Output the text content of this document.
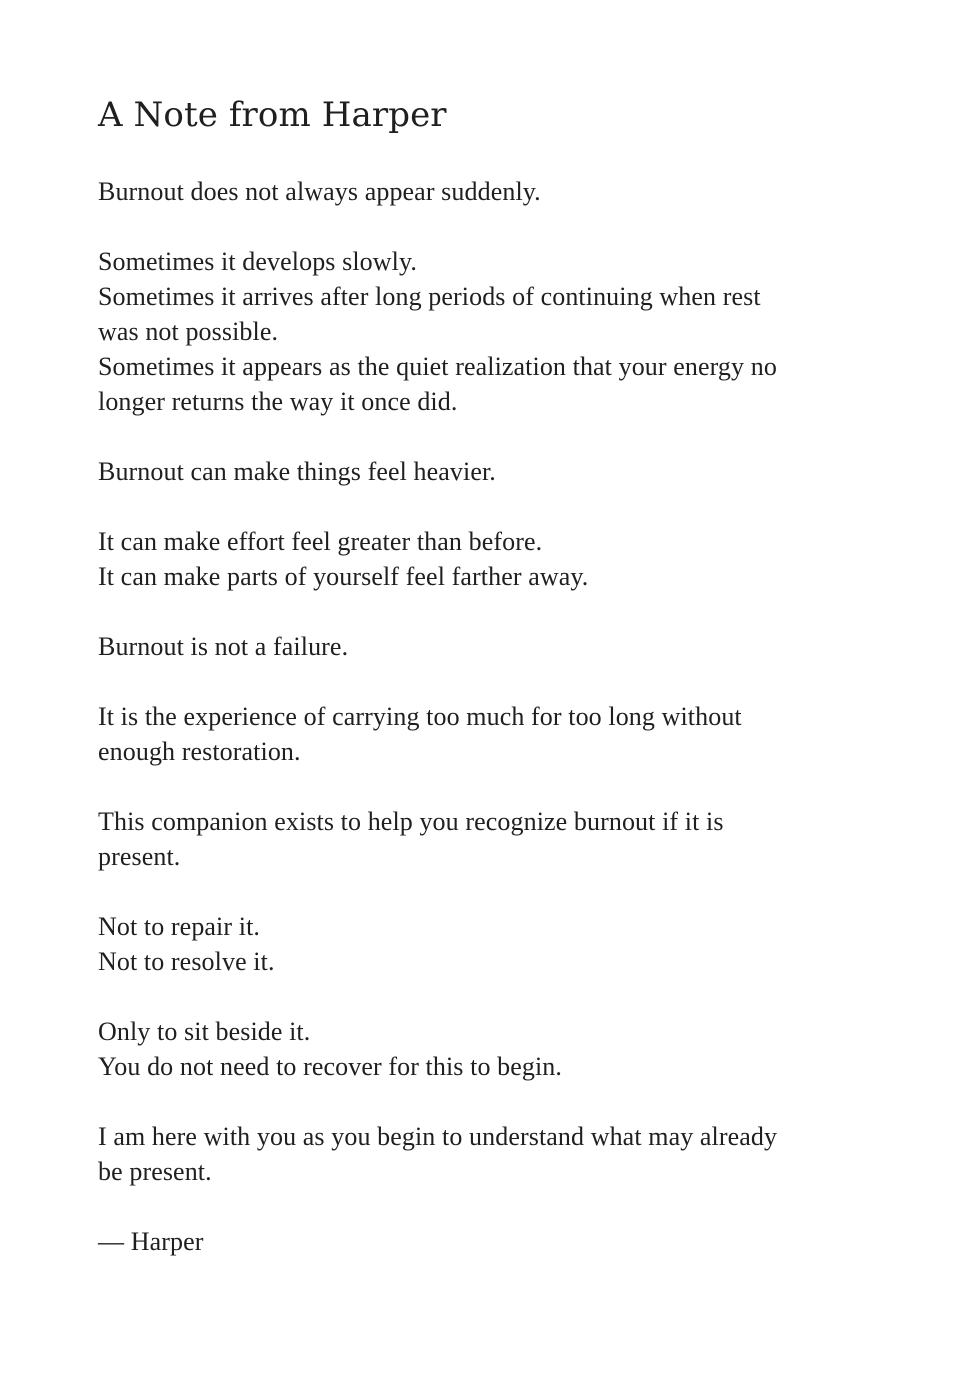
A Note from Harper

Burnout does not always appear suddenly.

Sometimes it develops slowly.
Sometimes it arrives after long periods of continuing when rest
was not possible.
Sometimes it appears as the quiet realization that your energy no
longer returns the way it once did.

Burnout can make things feel heavier.

It can make effort feel greater than before.
It can make parts of yourself feel farther away.

Burnout is not a failure.

It is the experience of carrying too much for too long without
enough restoration.

This companion exists to help you recognize burnout if it is
present.

Not to repair it.
Not to resolve it.

Only to sit beside it.
You do not need to recover for this to begin.

I am here with you as you begin to understand what may already
be present.

— Harper
